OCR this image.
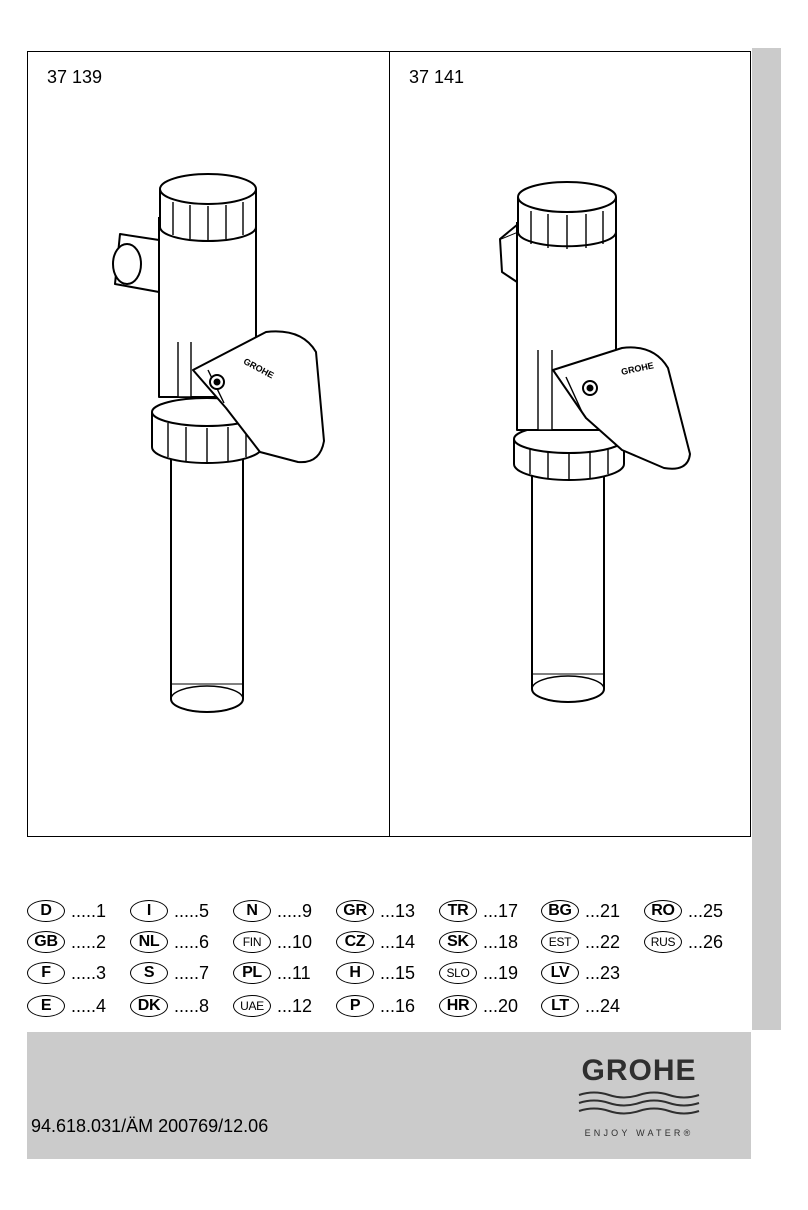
37 139
GROHE
37 141
GROHE
D	.....1	I	.....5	N	.....9	GR ...13	TR ...17	BG ...21	RO ...25
GB .....2	NL .....6	FIN ...10	CZ ...14	SK ...18	EST ...22	RUS ...26
F	.....3	S	.....7	PL ...11	H	...15	SLO ...19	LV ...23
E	.....4	DK .....8	UAE ...12	P	...16	HR ...20	LT ...24
94.618.031/ÄM 200769/12.06
GROHE
ENJOY WATER®
